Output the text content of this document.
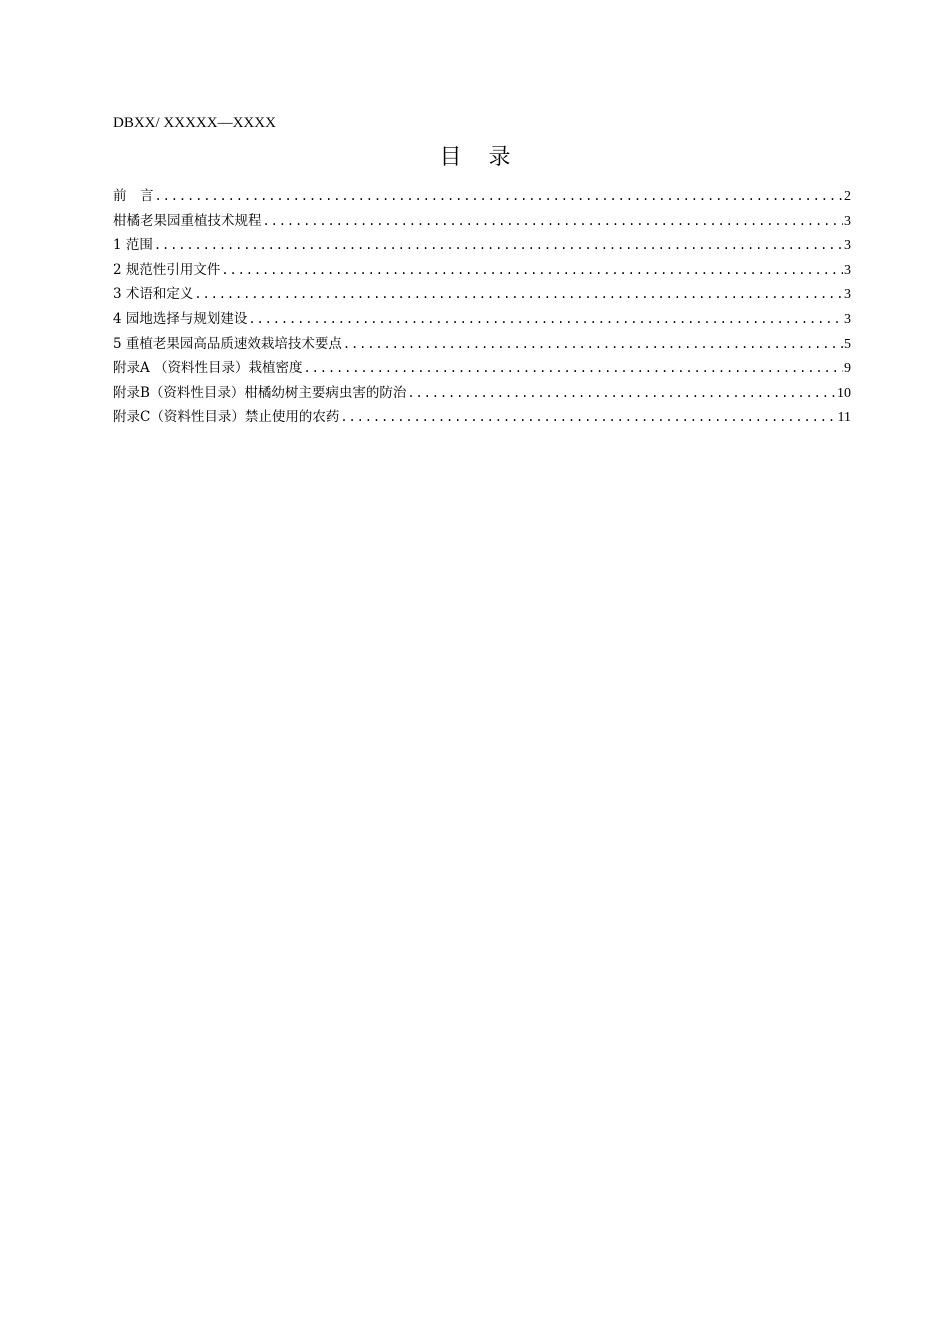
DBXX/ XXXXX—XXXX
目 录
前　言 .....	2
柑橘老果园重植技术规程 .....	3
1 范围 .....	3
2 规范性引用文件 .....	3
3 术语和定义 .....	3
4 园地选择与规划建设 .....	3
5 重植老果园高品质速效栽培技术要点 .....	5
附录A （资料性目录）栽植密度 .....	9
附录B（资料性目录）柑橘幼树主要病虫害的防治 .....	10
附录C（资料性目录）禁止使用的农药 .....	11
